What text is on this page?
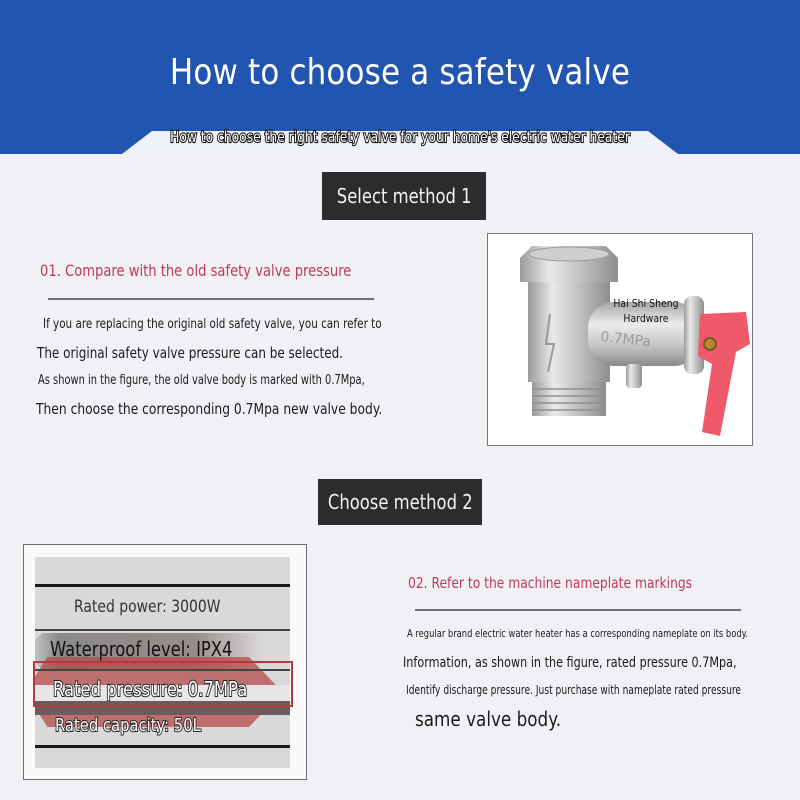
How to choose a safety valve
How to choose the right safety valve for your home's electric water heater
Select method 1
01. Compare with the old safety valve pressure
If you are replacing the original old safety valve, you can refer to
The original safety valve pressure can be selected.
As shown in the figure, the old valve body is marked with 0.7Mpa,
Then choose the corresponding 0.7Mpa new valve body.
0.7MPa
Hai Shi Sheng
Hardware
Choose method 2
Rated power: 3000W
Waterproof level: IPX4
Rated pressure: 0.7MPa
Rated capacity: 50L
02. Refer to the machine nameplate markings
A regular brand electric water heater has a corresponding nameplate on its body.
Information, as shown in the figure, rated pressure 0.7Mpa,
Identify discharge pressure. Just purchase with nameplate rated pressure
same valve body.
